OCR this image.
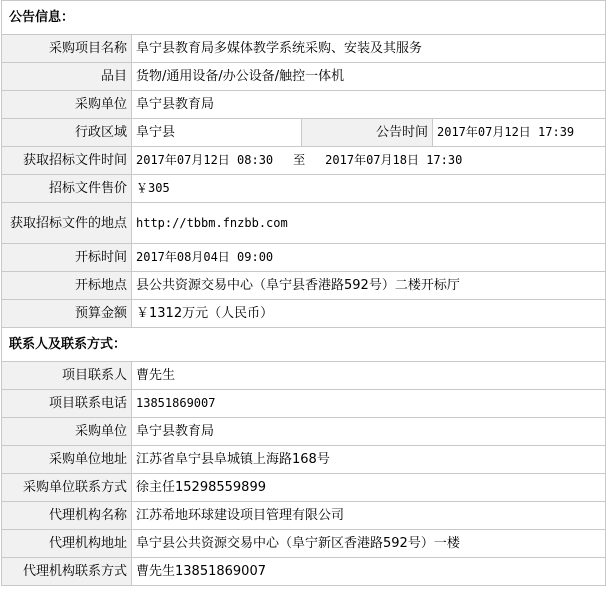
公告信息：			
采购项目名称	阜宁县教育局多媒体教学系统采购、安装及其服务		
品目	货物/通用设备/办公设备/触控一体机		
采购单位	阜宁县教育局		
行政区域	阜宁县	公告时间	2017年07月12日 17:39
获取招标文件时间	2017年07月12日 08:30 至 2017年07月18日 17:30		
招标文件售价	￥305		
获取招标文件的地点	http://tbbm.fnzbb.com		
开标时间	2017年08月04日 09:00		
开标地点	县公共资源交易中心（阜宁县香港路592号）二楼开标厅		
预算金额	￥1312万元（人民币）		
联系人及联系方式：			
项目联系人	曹先生		
项目联系电话	13851869007		
采购单位	阜宁县教育局		
采购单位地址	江苏省阜宁县阜城镇上海路168号		
采购单位联系方式	徐主任15298559899		
代理机构名称	江苏希地环球建设项目管理有限公司		
代理机构地址	阜宁县公共资源交易中心（阜宁新区香港路592号）一楼		
代理机构联系方式	曹先生13851869007		
